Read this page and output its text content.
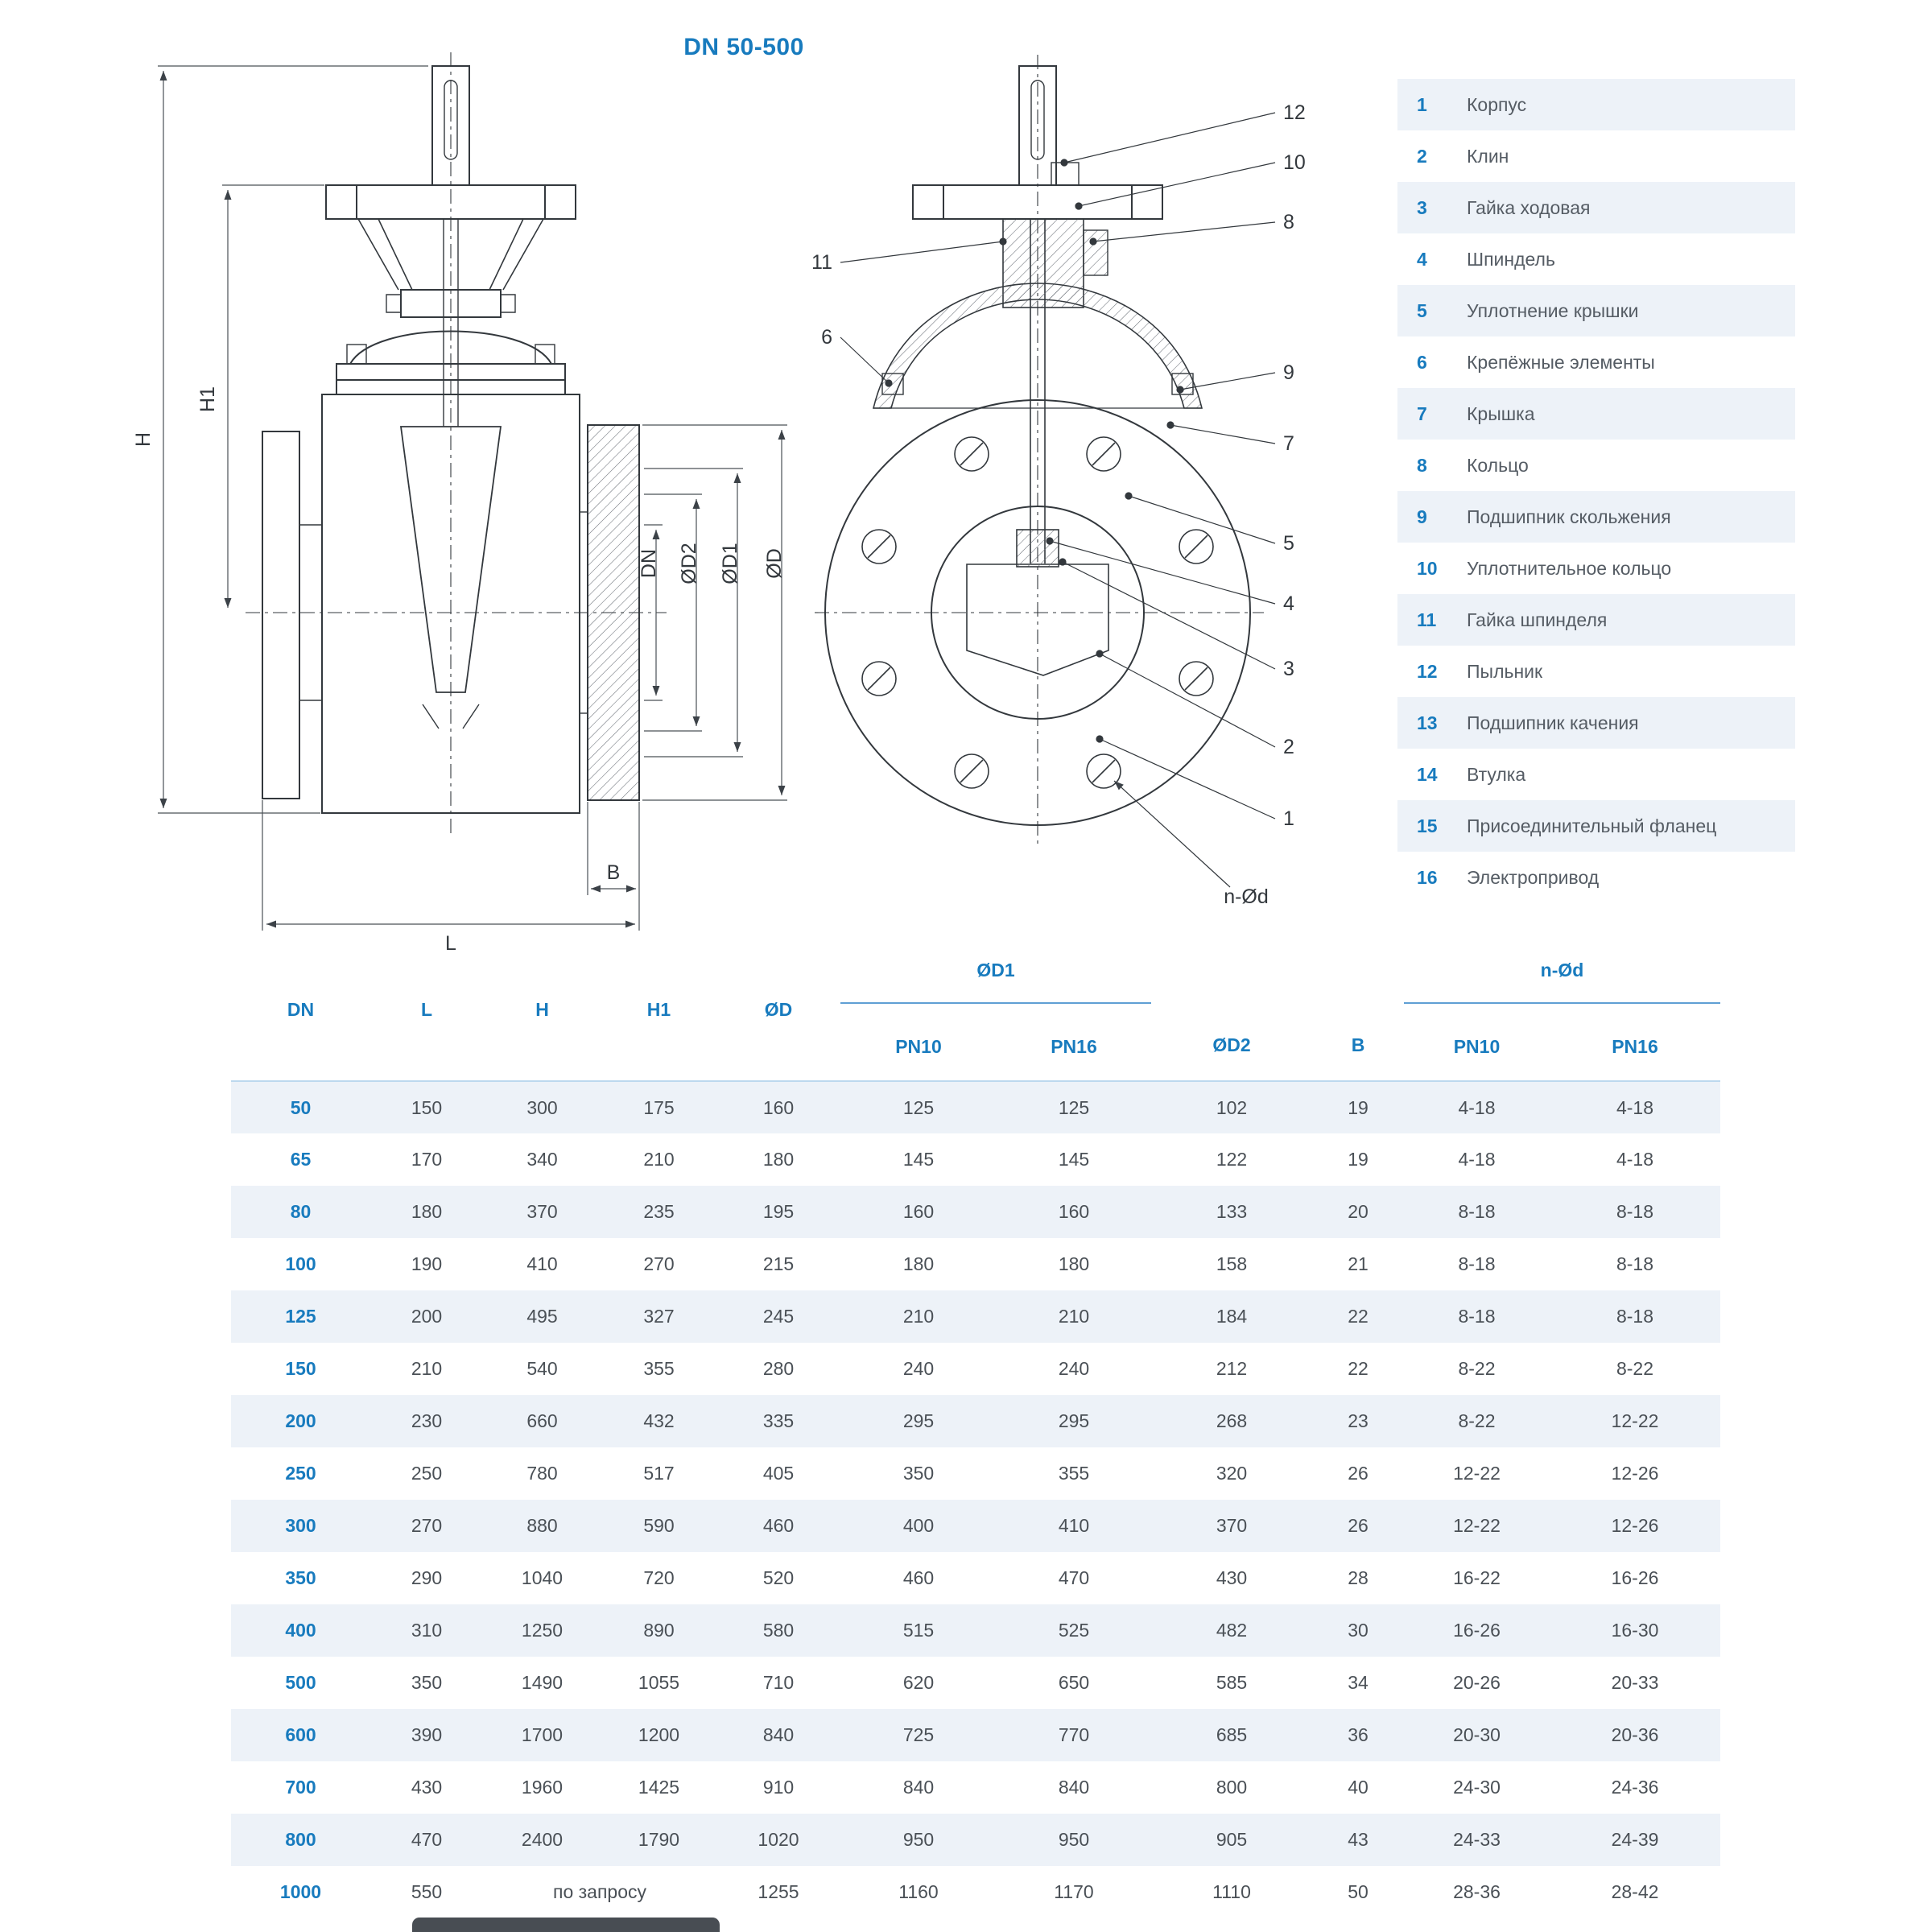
DN 50-500
H
H1
DN ØD2 ØD1 ØD
B
L
n-Ød
12
10
8
9
7
5
4
3
2
1
11
6
1	Корпус
2	Клин
3	Гайка ходовая
4	Шпиндель
5	Уплотнение крышки
6	Крепёжные элементы
7	Крышка
8	Кольцо
9	Подшипник скольжения
10	Уплотнительное кольцо
11	Гайка шпинделя
12	Пыльник
13	Подшипник качения
14	Втулка
15	Присоединительный фланец
16	Электропривод
DN	L	H	H1	ØD	ØD1		ØD2	B	n-Ød	
					PN10	PN16			PN10	PN16
50	150	300	175	160	125	125	102	19	4-18	4-18
65	170	340	210	180	145	145	122	19	4-18	4-18
80	180	370	235	195	160	160	133	20	8-18	8-18
100	190	410	270	215	180	180	158	21	8-18	8-18
125	200	495	327	245	210	210	184	22	8-18	8-18
150	210	540	355	280	240	240	212	22	8-22	8-22
200	230	660	432	335	295	295	268	23	8-22	12-22
250	250	780	517	405	350	355	320	26	12-22	12-26
300	270	880	590	460	400	410	370	26	12-22	12-26
350	290	1040	720	520	460	470	430	28	16-22	16-26
400	310	1250	890	580	515	525	482	30	16-26	16-30
500	350	1490	1055	710	620	650	585	34	20-26	20-33
600	390	1700	1200	840	725	770	685	36	20-30	20-36
700	430	1960	1425	910	840	840	800	40	24-30	24-36
800	470	2400	1790	1020	950	950	905	43	24-33	24-39
1000	550	по запросу		1255	1160	1170	1110	50	28-36	28-42
